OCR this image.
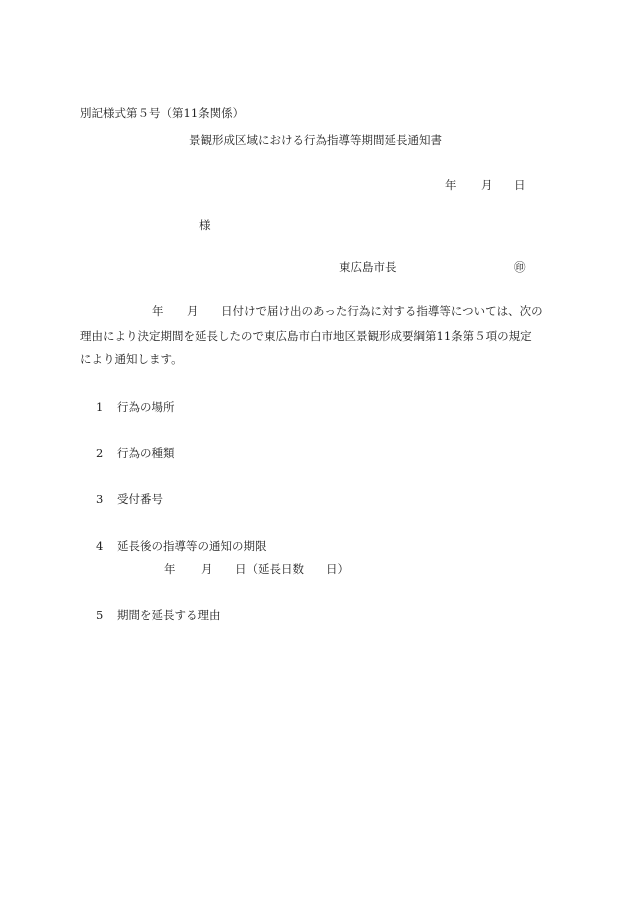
別記様式第５号（第11条関係）
景観形成区域における行為指導等期間延長通知書
年 月 日
様
東広島市長	㊞
年 月 日付けで届け出のあった行為に対する指導等については、次の
理由により決定期間を延長したので東広島市白市地区景観形成要綱第11条第５項の規定
により通知します。
1 行為の場所
2 行為の種類
3 受付番号
4 延長後の指導等の通知の期限
年 月 日（延長日数 日）
5 期間を延長する理由
